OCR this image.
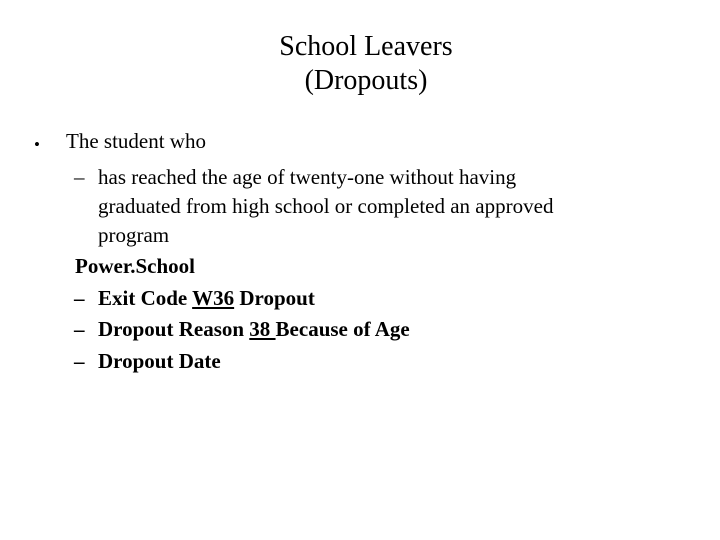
School Leavers
(Dropouts)
• The student who
– has reached the age of twenty-one without having
graduated from high school or completed an approved
program
Power.School
– Exit Code W36 Dropout
– Dropout Reason 38 Because of Age
– Dropout Date
